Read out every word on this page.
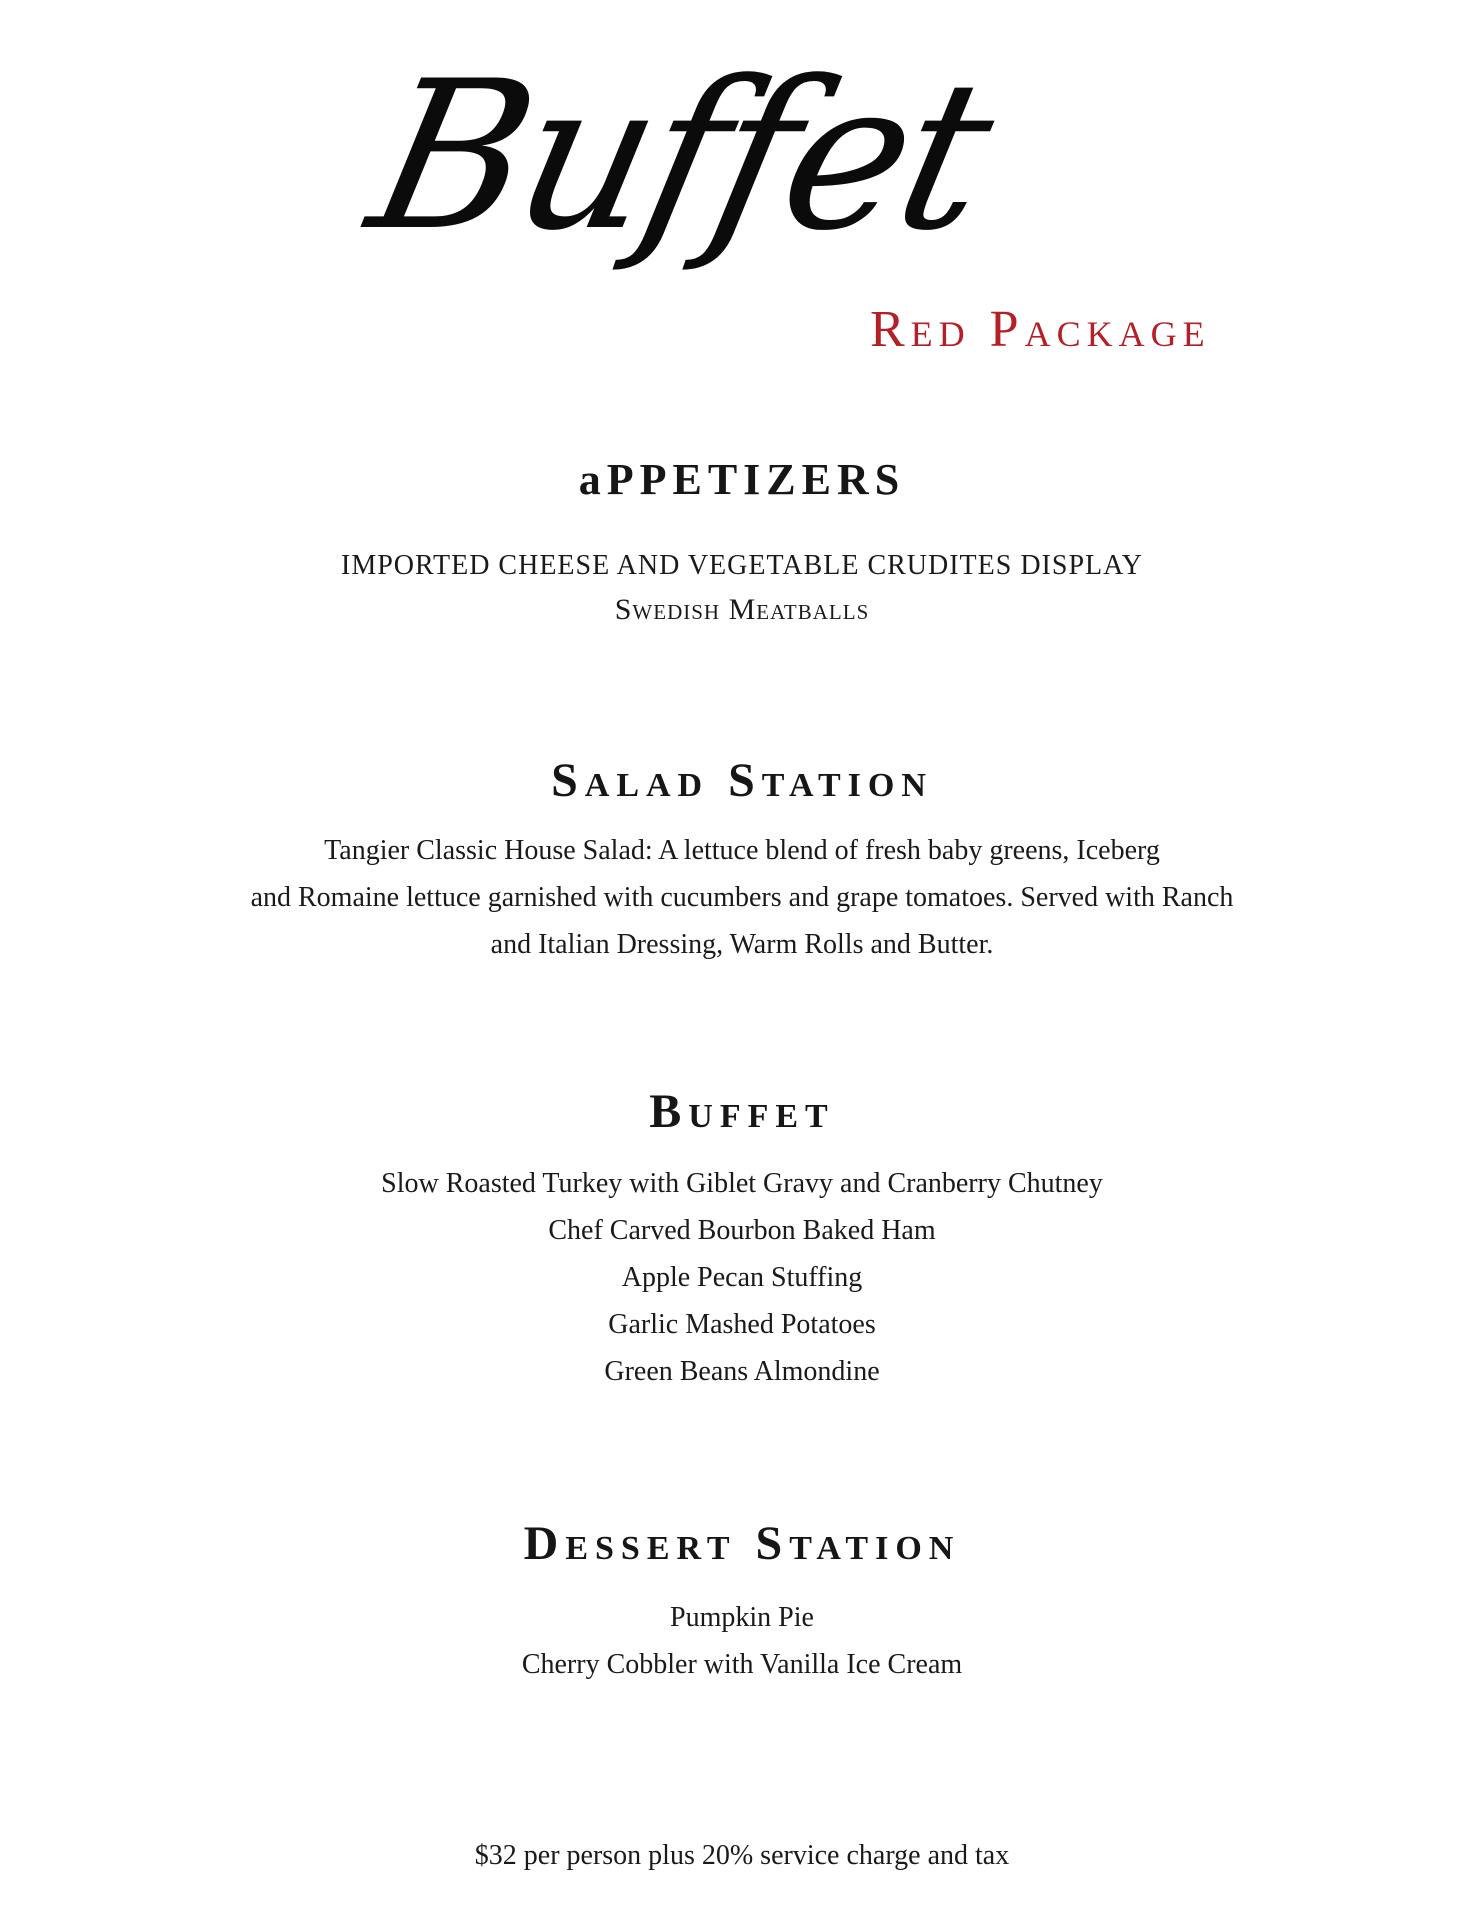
Buffet
Red Package
aPPETIZERS
IMPORTED CHEESE AND VEGETABLE CRUDITES DISPLAY
Swedish Meatballs
Salad Station
Tangier Classic House Salad: A lettuce blend of fresh baby greens, Iceberg
and Romaine lettuce garnished with cucumbers and grape tomatoes. Served with Ranch
and Italian Dressing, Warm Rolls and Butter.
Buffet
Slow Roasted Turkey with Giblet Gravy and Cranberry Chutney
Chef Carved Bourbon Baked Ham
Apple Pecan Stuffing
Garlic Mashed Potatoes
Green Beans Almondine
Dessert Station
Pumpkin Pie
Cherry Cobbler with Vanilla Ice Cream
$32 per person plus 20% service charge and tax
